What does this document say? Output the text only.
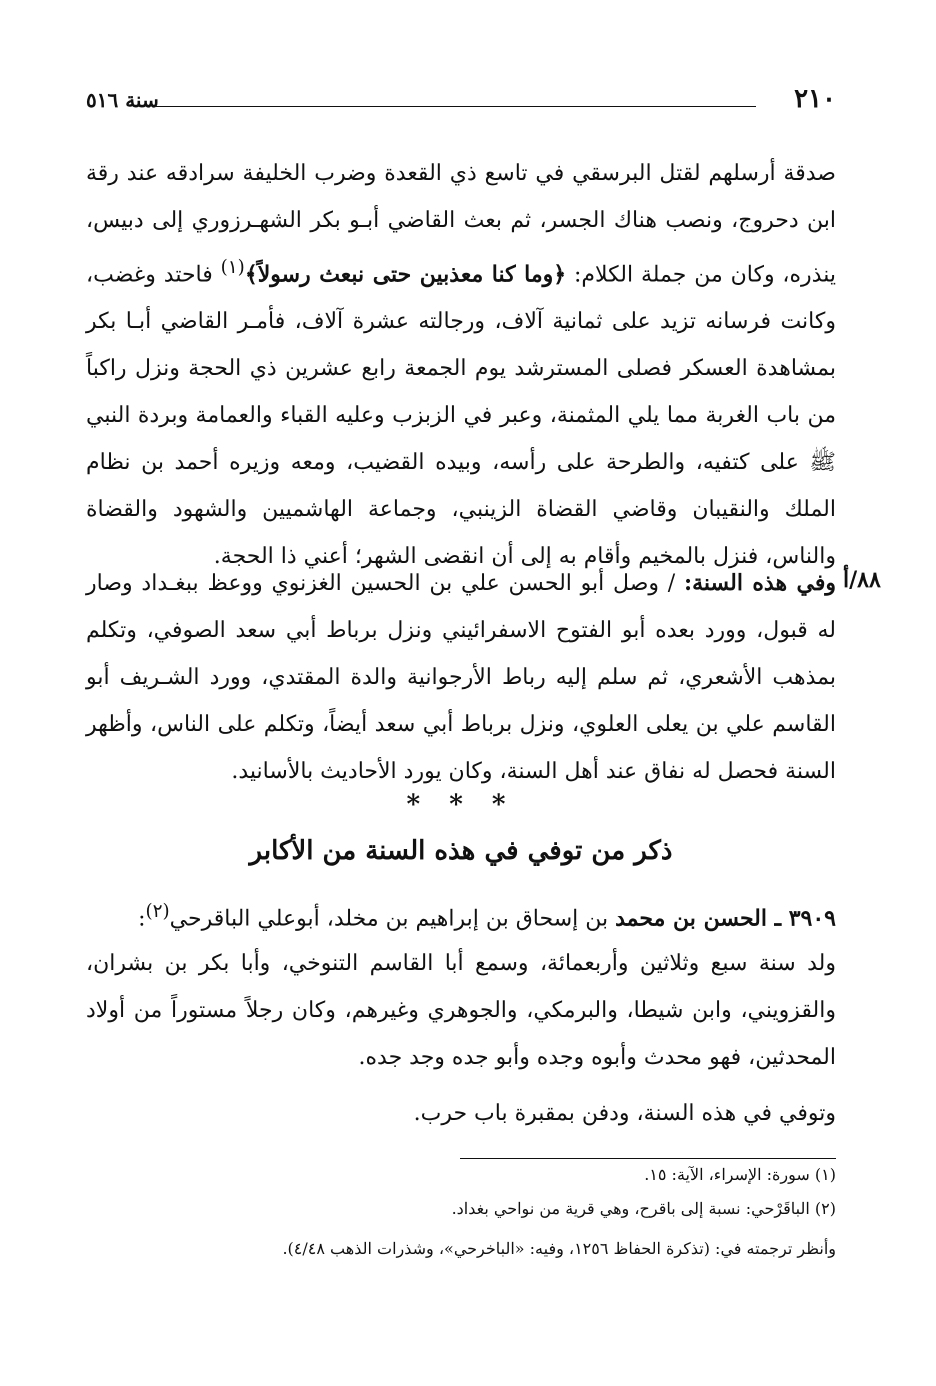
٢١٠
سنة ٥١٦

صدقة أرسلهم لقتل البرسقي في تاسع ذي القعدة وضرب الخليفة سرادقه عند رقة ابن دحروج، ونصب هناك الجسر، ثم بعث القاضي أبـو بكر الشهـرزوري إلى دبيس، ينذره، وكان من جملة الكلام: ﴿وما كنا معذبين حتى نبعث رسولاً﴾$^{(١)}$ فاحتد وغضب، وكانت فرسانه تزيد على ثمانية آلاف، ورجالته عشرة آلاف، فأمـر القاضي أبـا بكر بمشاهدة العسكر فصلى المسترشد يوم الجمعة رابع عشرين ذي الحجة ونزل راكباً من باب الغربة مما يلي المثمنة، وعبر في الزبزب وعليه القباء والعمامة وبردة النبي ﷺ على كتفيه، والطرحة على رأسه، وبيده القضيب، ومعه وزيره أحمد بن نظام الملك والنقيبان وقاضي القضاة الزينبي، وجماعة الهاشميين والشهود والقضاة والناس، فنزل بالمخيم وأقام به إلى أن انقضى الشهر؛ أعني ذا الحجة.

٨٨/أ

وفي هذه السنة: / وصل أبو الحسن علي بن الحسين الغزنوي ووعظ ببغـداد وصار له قبول، وورد بعده أبو الفتوح الاسفرائيني ونزل برباط أبي سعد الصوفي، وتكلم بمذهب الأشعري، ثم سلم إليه رباط الأرجوانية والدة المقتدي، وورد الشـريف أبو القاسم علي بن يعلى العلوي، ونزل برباط أبي سعد أيضاً، وتكلم على الناس، وأظهر السنة فحصل له نفاق عند أهل السنة، وكان يورد الأحاديث بالأسانيد.

* * *
ذكر من توفي في هذه السنة من الأكابر
٣٩٠٩ ـ الحسن بن محمد بن إسحاق بن إبراهيم بن مخلد، أبوعلي الباقرحي$^{(٢)}$:

ولد سنة سبع وثلاثين وأربعمائة، وسمع أبا القاسم التنوخي، وأبا بكر بن بشران، والقزويني، وابن شيطا، والبرمكي، والجوهري وغيرهم، وكان رجلاً مستوراً من أولاد المحدثين، فهو محدث وأبوه وجده وأبو جده وجد جده.

وتوفي في هذه السنة، ودفن بمقبرة باب حرب.

(١) سورة: الإسراء، الآية: ١٥.

(٢) الباقَرْحي: نسبة إلى باقرح، وهي قرية من نواحي بغداد.

وأنظر ترجمته في: (تذكرة الحفاظ ١٢٥٦، وفيه: «الباخرحي»، وشذرات الذهب ٤/٤٨).
